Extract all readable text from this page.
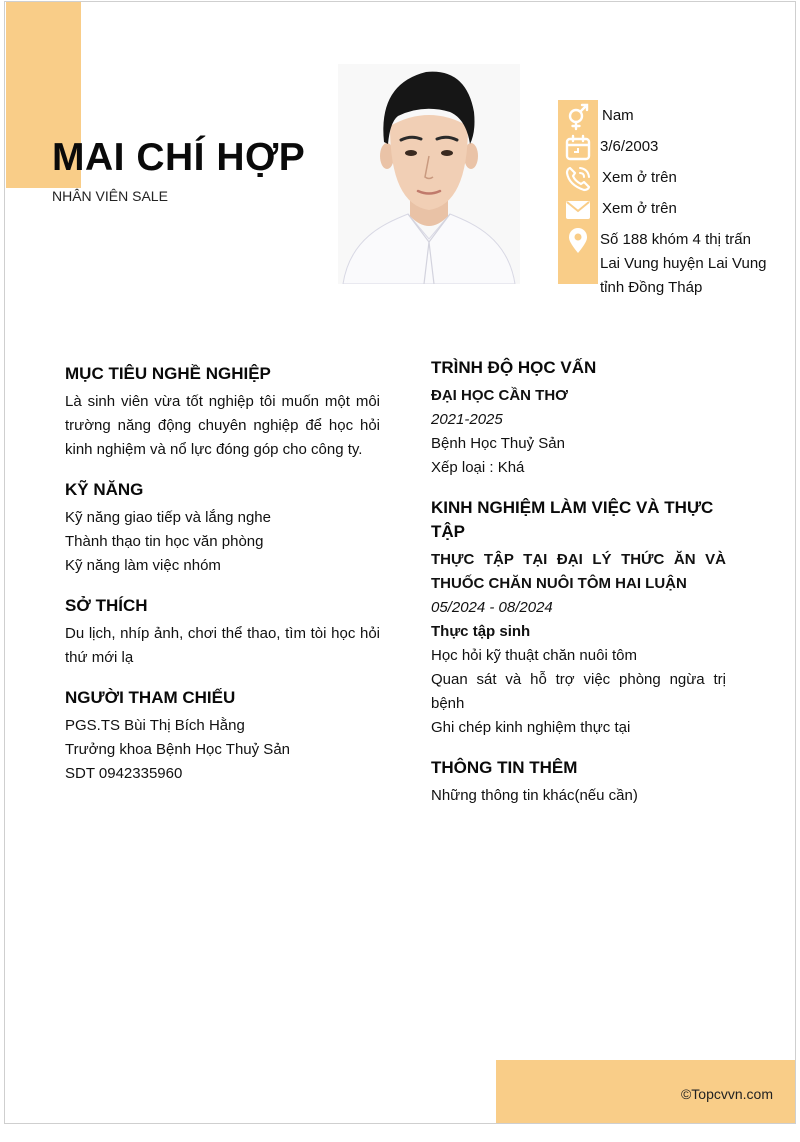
MAI CHÍ HỢP
NHÂN VIÊN SALE
Nam
3/6/2003
Xem ở trên
Xem ở trên
Số 188 khóm 4 thị trấn
Lai Vung huyện Lai Vung
tỉnh Đồng Tháp
MỤC TIÊU NGHỀ NGHIỆP
Là sinh viên vừa tốt nghiệp tôi muốn một môi trường năng động chuyên nghiệp để học hỏi kinh nghiệm và nổ lực đóng góp cho công ty.
KỸ NĂNG
Kỹ năng giao tiếp và lắng nghe
Thành thạo tin học văn phòng
Kỹ năng làm việc nhóm
SỞ THÍCH
Du lịch, nhíp ảnh, chơi thể thao, tìm tòi học hỏi thứ mới lạ
NGƯỜI THAM CHIẾU
PGS.TS Bùi Thị Bích Hằng
Trưởng khoa Bệnh Học Thuỷ Sản
SDT 0942335960
TRÌNH ĐỘ HỌC VẤN
ĐẠI HỌC CẦN THƠ
2021-2025
Bệnh Học Thuỷ Sản
Xếp loại : Khá
KINH NGHIỆM LÀM VIỆC VÀ THỰC TẬP
THỰC TẬP TẠI ĐẠI LÝ THỨC ĂN VÀ THUỐC CHĂN NUÔI TÔM HAI LUẬN
05/2024 - 08/2024
Thực tập sinh
Học hỏi kỹ thuật chăn nuôi tôm
Quan sát và hỗ trợ việc phòng ngừa trị bệnh
Ghi chép kinh nghiệm thực tại
THÔNG TIN THÊM
Những thông tin khác(nếu cần)
©Topcvvn.com
